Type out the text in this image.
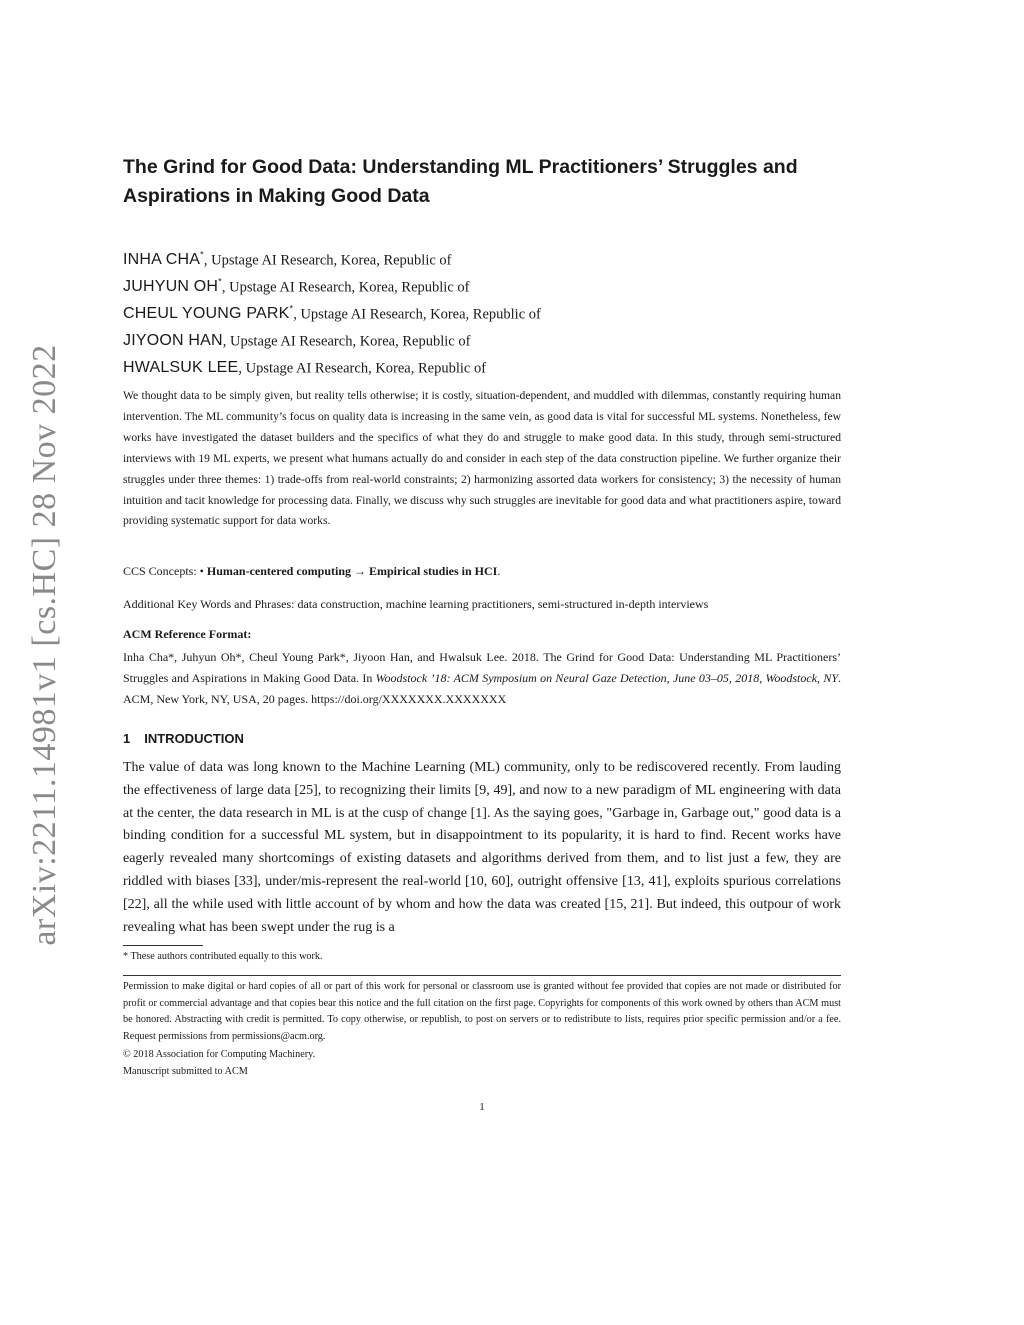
arXiv:2211.14981v1 [cs.HC] 28 Nov 2022
The Grind for Good Data: Understanding ML Practitioners’ Struggles and Aspirations in Making Good Data
INHA CHA*, Upstage AI Research, Korea, Republic of
JUHYUN OH*, Upstage AI Research, Korea, Republic of
CHEUL YOUNG PARK*, Upstage AI Research, Korea, Republic of
JIYOON HAN, Upstage AI Research, Korea, Republic of
HWALSUK LEE, Upstage AI Research, Korea, Republic of
We thought data to be simply given, but reality tells otherwise; it is costly, situation-dependent, and muddled with dilemmas, constantly requiring human intervention. The ML community’s focus on quality data is increasing in the same vein, as good data is vital for successful ML systems. Nonetheless, few works have investigated the dataset builders and the specifics of what they do and struggle to make good data. In this study, through semi-structured interviews with 19 ML experts, we present what humans actually do and consider in each step of the data construction pipeline. We further organize their struggles under three themes: 1) trade-offs from real-world constraints; 2) harmonizing assorted data workers for consistency; 3) the necessity of human intuition and tacit knowledge for processing data. Finally, we discuss why such struggles are inevitable for good data and what practitioners aspire, toward providing systematic support for data works.
CCS Concepts: • Human-centered computing → Empirical studies in HCI.
Additional Key Words and Phrases: data construction, machine learning practitioners, semi-structured in-depth interviews
ACM Reference Format:
Inha Cha*, Juhyun Oh*, Cheul Young Park*, Jiyoon Han, and Hwalsuk Lee. 2018. The Grind for Good Data: Understanding ML Practitioners’ Struggles and Aspirations in Making Good Data. In Woodstock ’18: ACM Symposium on Neural Gaze Detection, June 03–05, 2018, Woodstock, NY. ACM, New York, NY, USA, 20 pages. https://doi.org/XXXXXXX.XXXXXXX
1 INTRODUCTION
The value of data was long known to the Machine Learning (ML) community, only to be rediscovered recently. From lauding the effectiveness of large data [25], to recognizing their limits [9, 49], and now to a new paradigm of ML engineering with data at the center, the data research in ML is at the cusp of change [1]. As the saying goes, "Garbage in, Garbage out," good data is a binding condition for a successful ML system, but in disappointment to its popularity, it is hard to find. Recent works have eagerly revealed many shortcomings of existing datasets and algorithms derived from them, and to list just a few, they are riddled with biases [33], under/mis-represent the real-world [10, 60], outright offensive [13, 41], exploits spurious correlations [22], all the while used with little account of by whom and how the data was created [15, 21]. But indeed, this outpour of work revealing what has been swept under the rug is a
* These authors contributed equally to this work.
Permission to make digital or hard copies of all or part of this work for personal or classroom use is granted without fee provided that copies are not made or distributed for profit or commercial advantage and that copies bear this notice and the full citation on the first page. Copyrights for components of this work owned by others than ACM must be honored. Abstracting with credit is permitted. To copy otherwise, or republish, to post on servers or to redistribute to lists, requires prior specific permission and/or a fee. Request permissions from permissions@acm.org.
© 2018 Association for Computing Machinery.
Manuscript submitted to ACM
1
